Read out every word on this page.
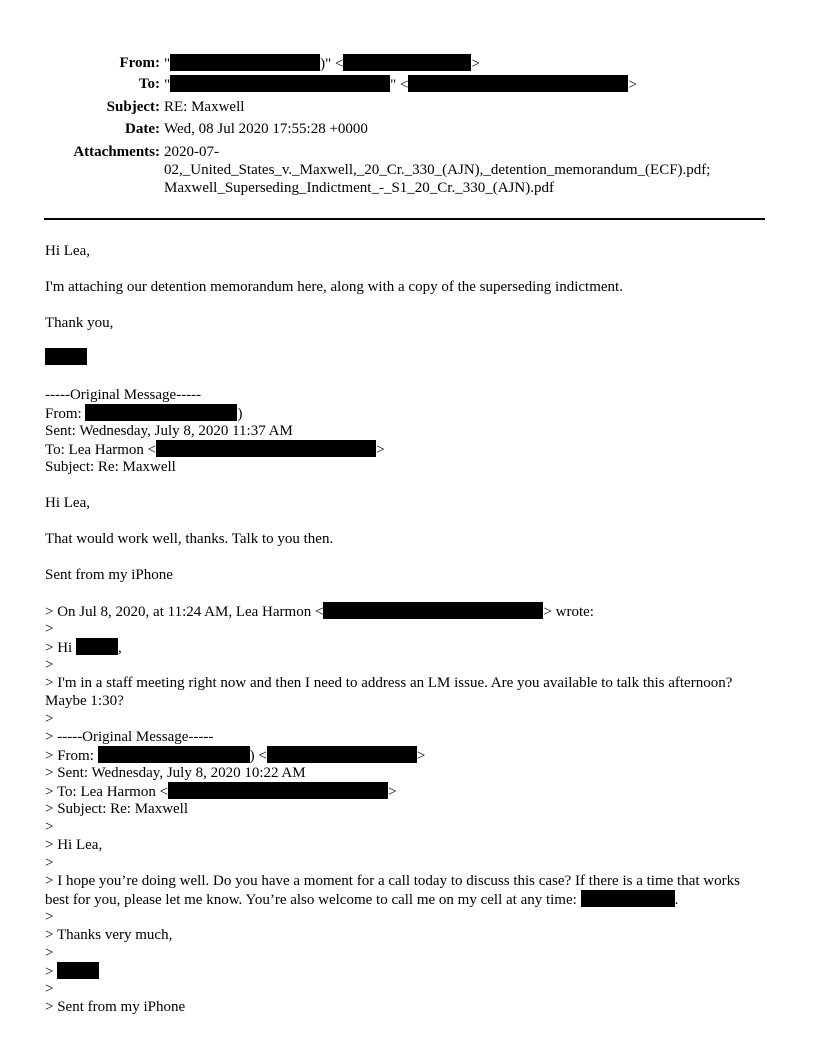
From: "	)" <	>
To: "	" <	>
Subject: RE: Maxwell
Date: Wed, 08 Jul 2020 17:55:28 +0000
Attachments: 2020-07-
02,_United_States_v._Maxwell,_20_Cr._330_(AJN),_detention_memorandum_(ECF).pdf;
Maxwell_Superseding_Indictment_-_S1_20_Cr._330_(AJN).pdf
Hi Lea,
I'm attaching our detention memorandum here, along with a copy of the superseding indictment.
Thank you,
-----Original Message-----
From:	)
Sent: Wednesday, July 8, 2020 11:37 AM
To: Lea Harmon <	>
Subject: Re: Maxwell
Hi Lea,
That would work well, thanks. Talk to you then.
Sent from my iPhone
> On Jul 8, 2020, at 11:24 AM, Lea Harmon <	> wrote:
>
> Hi	,
>
> I'm in a staff meeting right now and then I need to address an LM issue. Are you available to talk this afternoon? Maybe 1:30?
>
> -----Original Message-----
> From:	) <	>
> Sent: Wednesday, July 8, 2020 10:22 AM
> To: Lea Harmon <	>
> Subject: Re: Maxwell
>
> Hi Lea,
>
> I hope you’re doing well. Do you have a moment for a call today to discuss this case? If there is a time that works best for you, please let me know. You’re also welcome to call me on my cell at any time:	.
>
> Thanks very much,
>
>
>
> Sent from my iPhone
